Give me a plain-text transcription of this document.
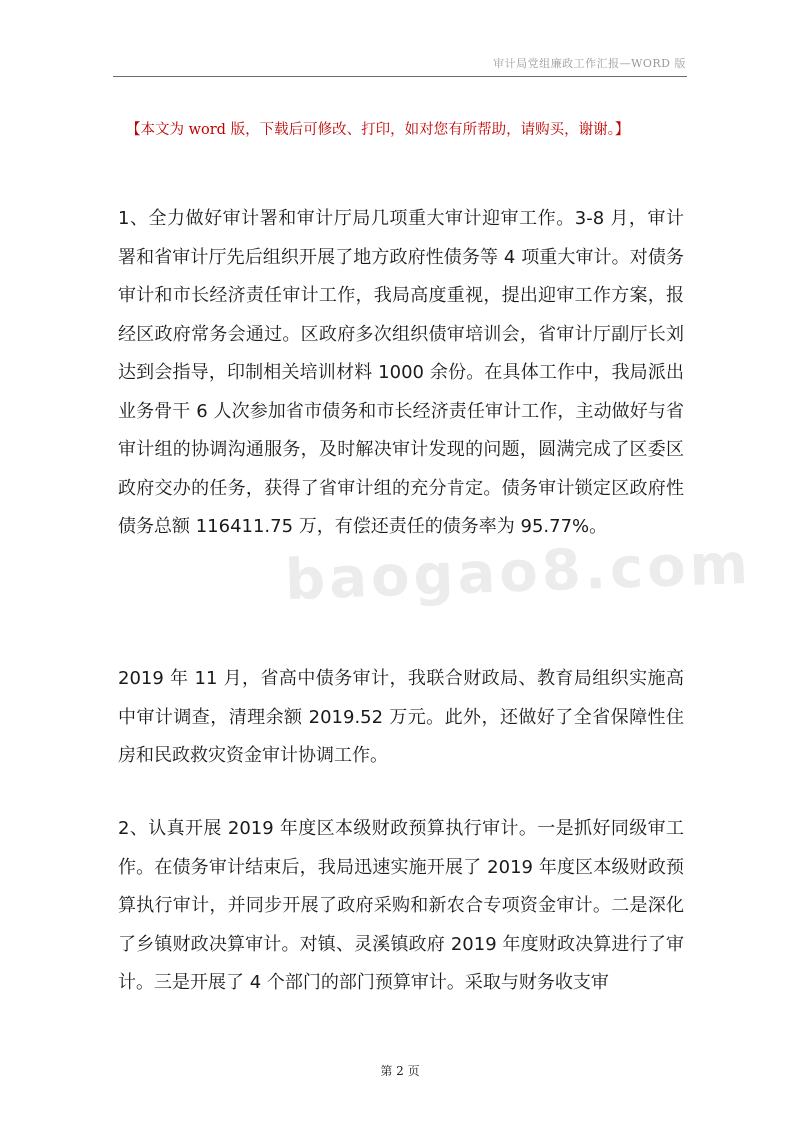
审计局党组廉政工作汇报—WORD 版
【本文为 word 版，下载后可修改、打印，如对您有所帮助，请购买，谢谢。】

1、全力做好审计署和审计厅局几项重大审计迎审工作。3-8 月，审计署和省审计厅先后组织开展了地方政府性债务等 4 项重大审计。对债务审计和市长经济责任审计工作，我局高度重视，提出迎审工作方案，报经区政府常务会通过。区政府多次组织债审培训会，省审计厅副厅长刘达到会指导，印制相关培训材料 1000 余份。在具体工作中，我局派出业务骨干 6 人次参加省市债务和市长经济责任审计工作，主动做好与省审计组的协调沟通服务，及时解决审计发现的问题，圆满完成了区委区政府交办的任务，获得了省审计组的充分肯定。债务审计锁定区政府性债务总额 116411.75 万，有偿还责任的债务率为 95.77%。

2019 年 11 月，省高中债务审计，我联合财政局、教育局组织实施高中审计调查，清理余额 2019.52 万元。此外，还做好了全省保障性住房和民政救灾资金审计协调工作。

2、认真开展 2019 年度区本级财政预算执行审计。一是抓好同级审工作。在债务审计结束后，我局迅速实施开展了 2019 年度区本级财政预算执行审计，并同步开展了政府采购和新农合专项资金审计。二是深化了乡镇财政决算审计。对镇、灵溪镇政府 2019 年度财政决算进行了审计。三是开展了 4 个部门的部门预算审计。采取与财务收支审

baogao8.com
第 2 页
